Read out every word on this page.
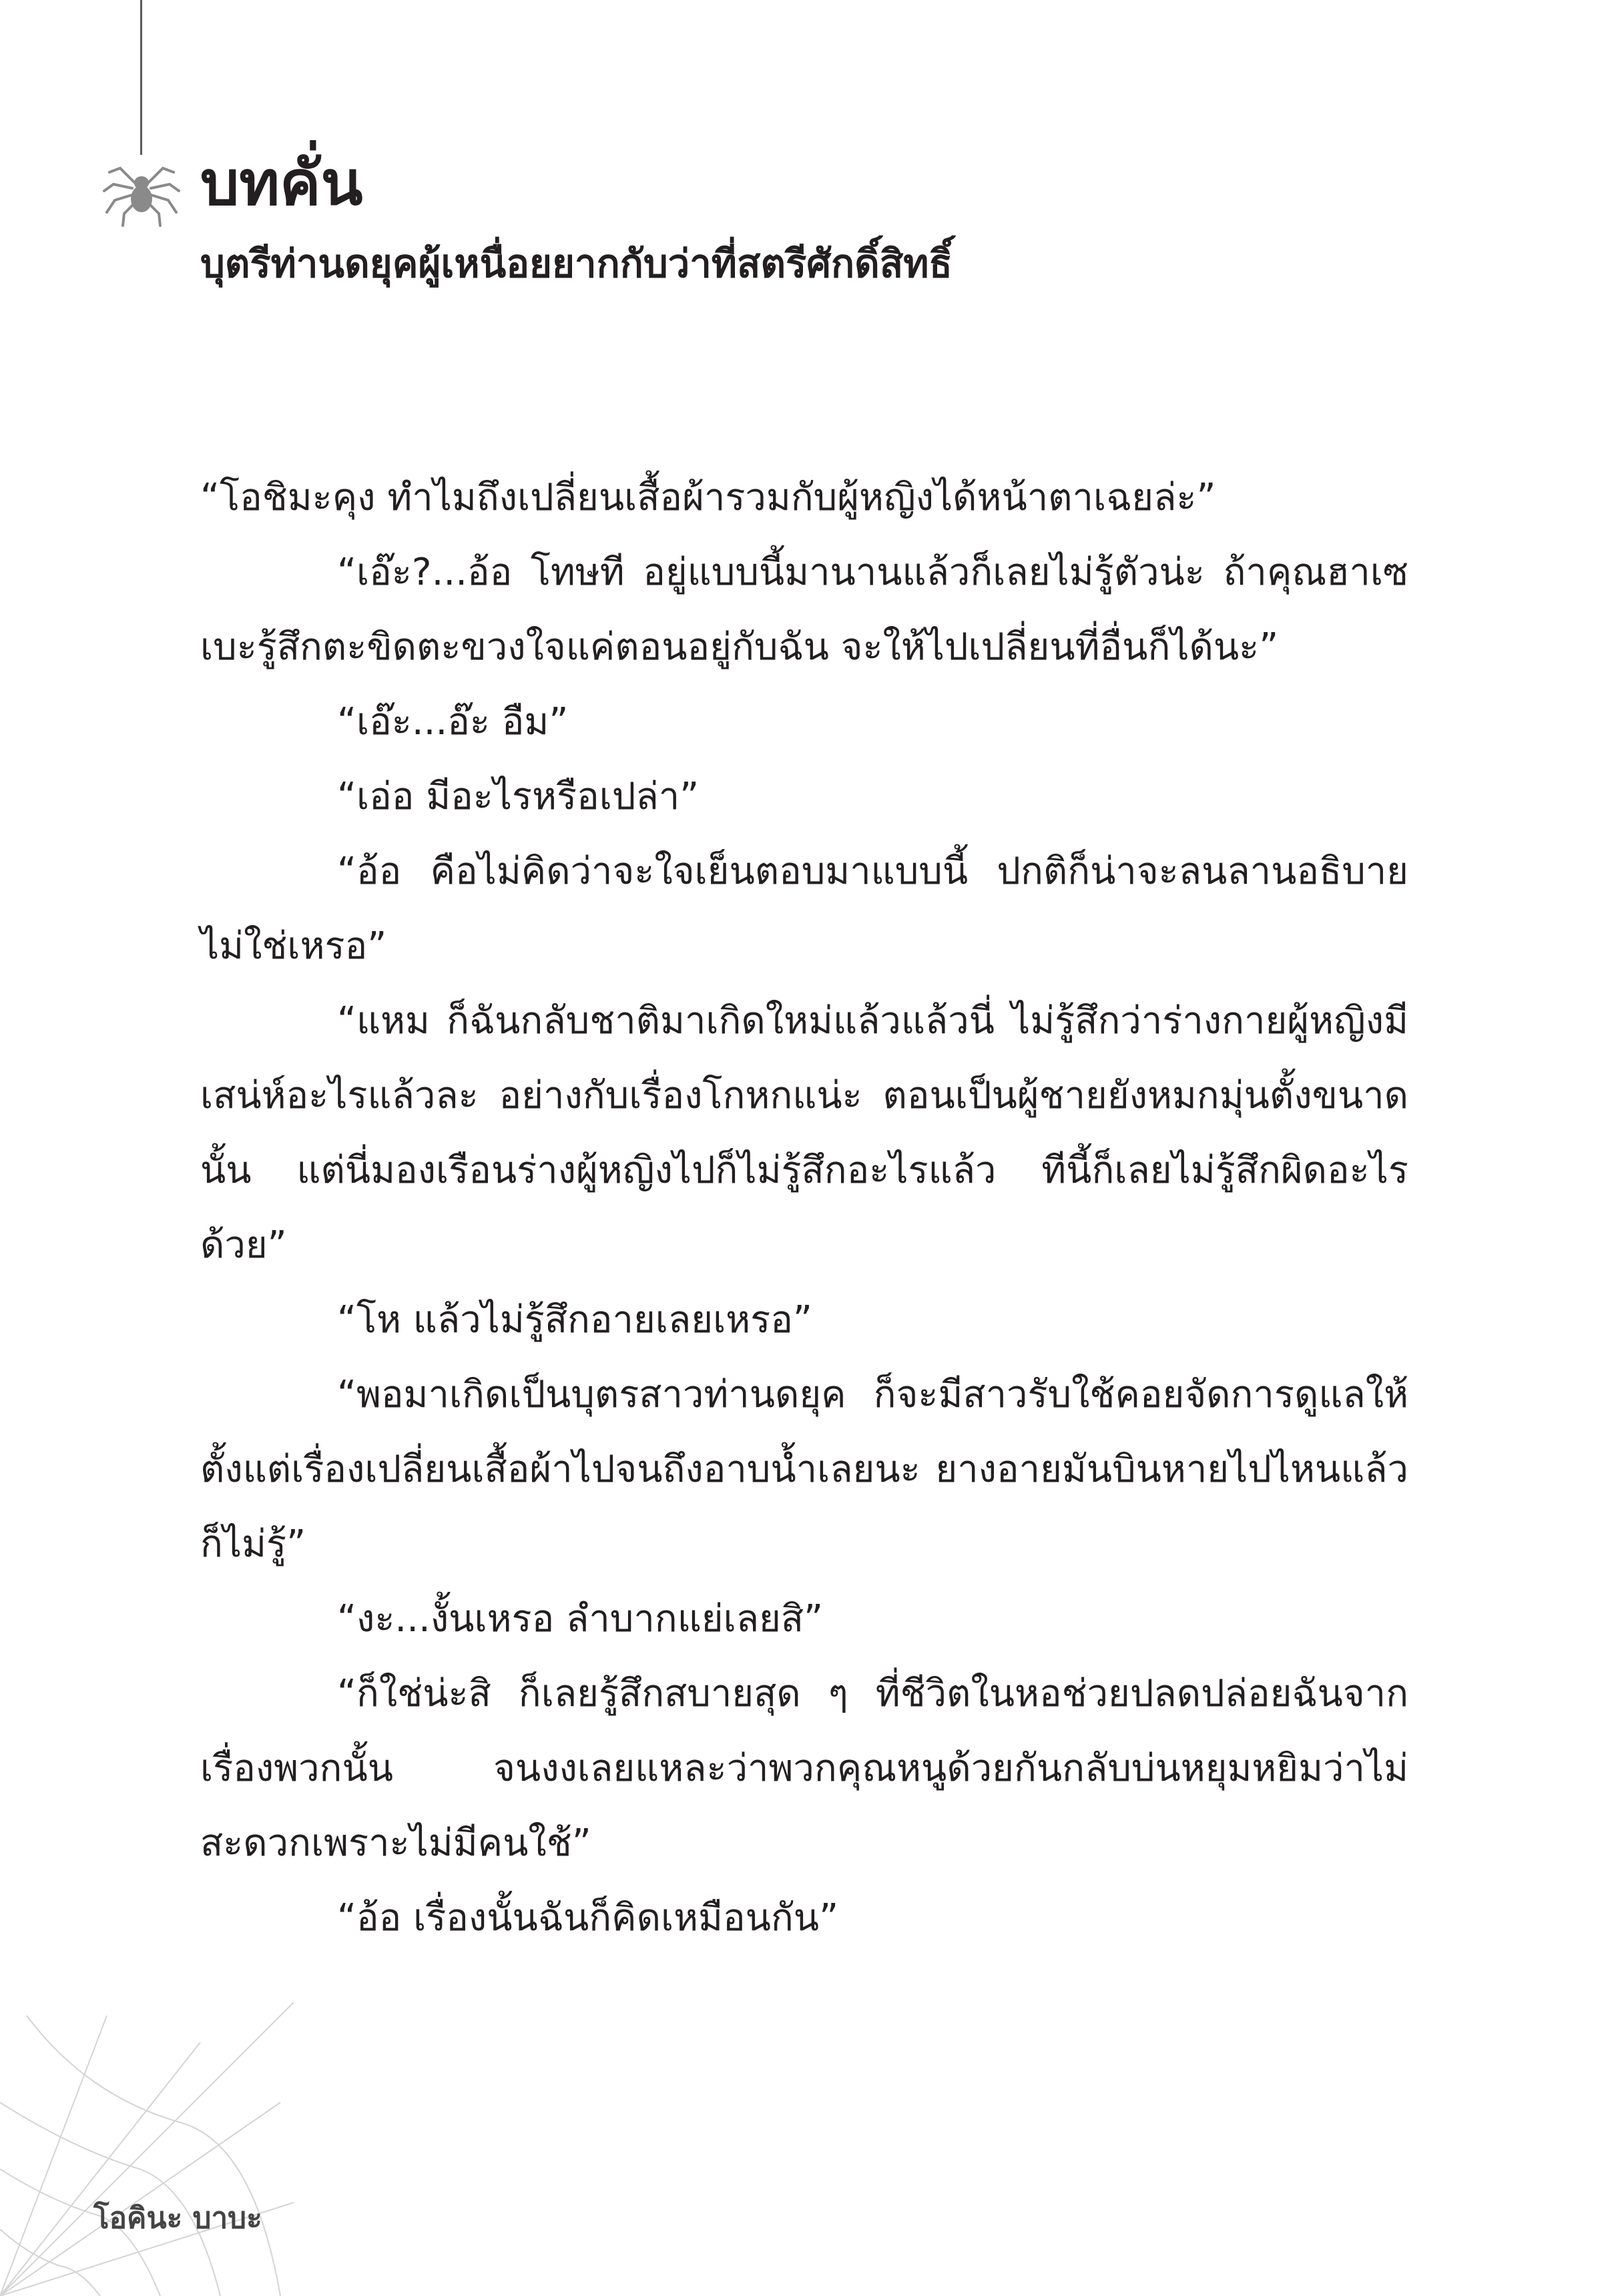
บทคั่น
บุตรีท่านดยุคผู้เหนื่อยยากกับว่าที่สตรีศักดิ์สิทธิ์

“โอชิมะคุง ทำไมถึงเปลี่ยนเสื้อผ้ารวมกับผู้หญิงได้หน้าตาเฉยล่ะ”

“เอ๊ะ?...อ้อ โทษที อยู่แบบนี้มานานแล้วก็เลยไม่รู้ตัวน่ะ ถ้าคุณฮาเซเบะรู้สึกตะขิดตะขวงใจแค่ตอนอยู่กับฉัน จะให้ไปเปลี่ยนที่อื่นก็ได้นะ”

“เอ๊ะ...อ๊ะ อืม”

“เอ่อ มีอะไรหรือเปล่า”

“อ้อ คือไม่คิดว่าจะใจเย็นตอบมาแบบนี้ ปกติก็น่าจะลนลานอธิบายไม่ใช่เหรอ”

“แหม ก็ฉันกลับชาติมาเกิดใหม่แล้วแล้วนี่ ไม่รู้สึกว่าร่างกายผู้หญิงมีเสน่ห์อะไรแล้วละ อย่างกับเรื่องโกหกแน่ะ ตอนเป็นผู้ชายยังหมกมุ่นตั้งขนาดนั้น แต่นี่มองเรือนร่างผู้หญิงไปก็ไม่รู้สึกอะไรแล้ว ทีนี้ก็เลยไม่รู้สึกผิดอะไรด้วย”

“โห แล้วไม่รู้สึกอายเลยเหรอ”

“พอมาเกิดเป็นบุตรสาวท่านดยุค ก็จะมีสาวรับใช้คอยจัดการดูแลให้ตั้งแต่เรื่องเปลี่ยนเสื้อผ้าไปจนถึงอาบน้ำเลยนะ ยางอายมันบินหายไปไหนแล้วก็ไม่รู้”

“งะ...งั้นเหรอ ลำบากแย่เลยสิ”

“ก็ใช่น่ะสิ ก็เลยรู้สึกสบายสุด ๆ ที่ชีวิตในหอช่วยปลดปล่อยฉันจากเรื่องพวกนั้น จนงงเลยแหละว่าพวกคุณหนูด้วยกันกลับบ่นหยุมหยิมว่าไม่สะดวกเพราะไม่มีคนใช้”

“อ้อ เรื่องนั้นฉันก็คิดเหมือนกัน”

โอคินะ บาบะ
